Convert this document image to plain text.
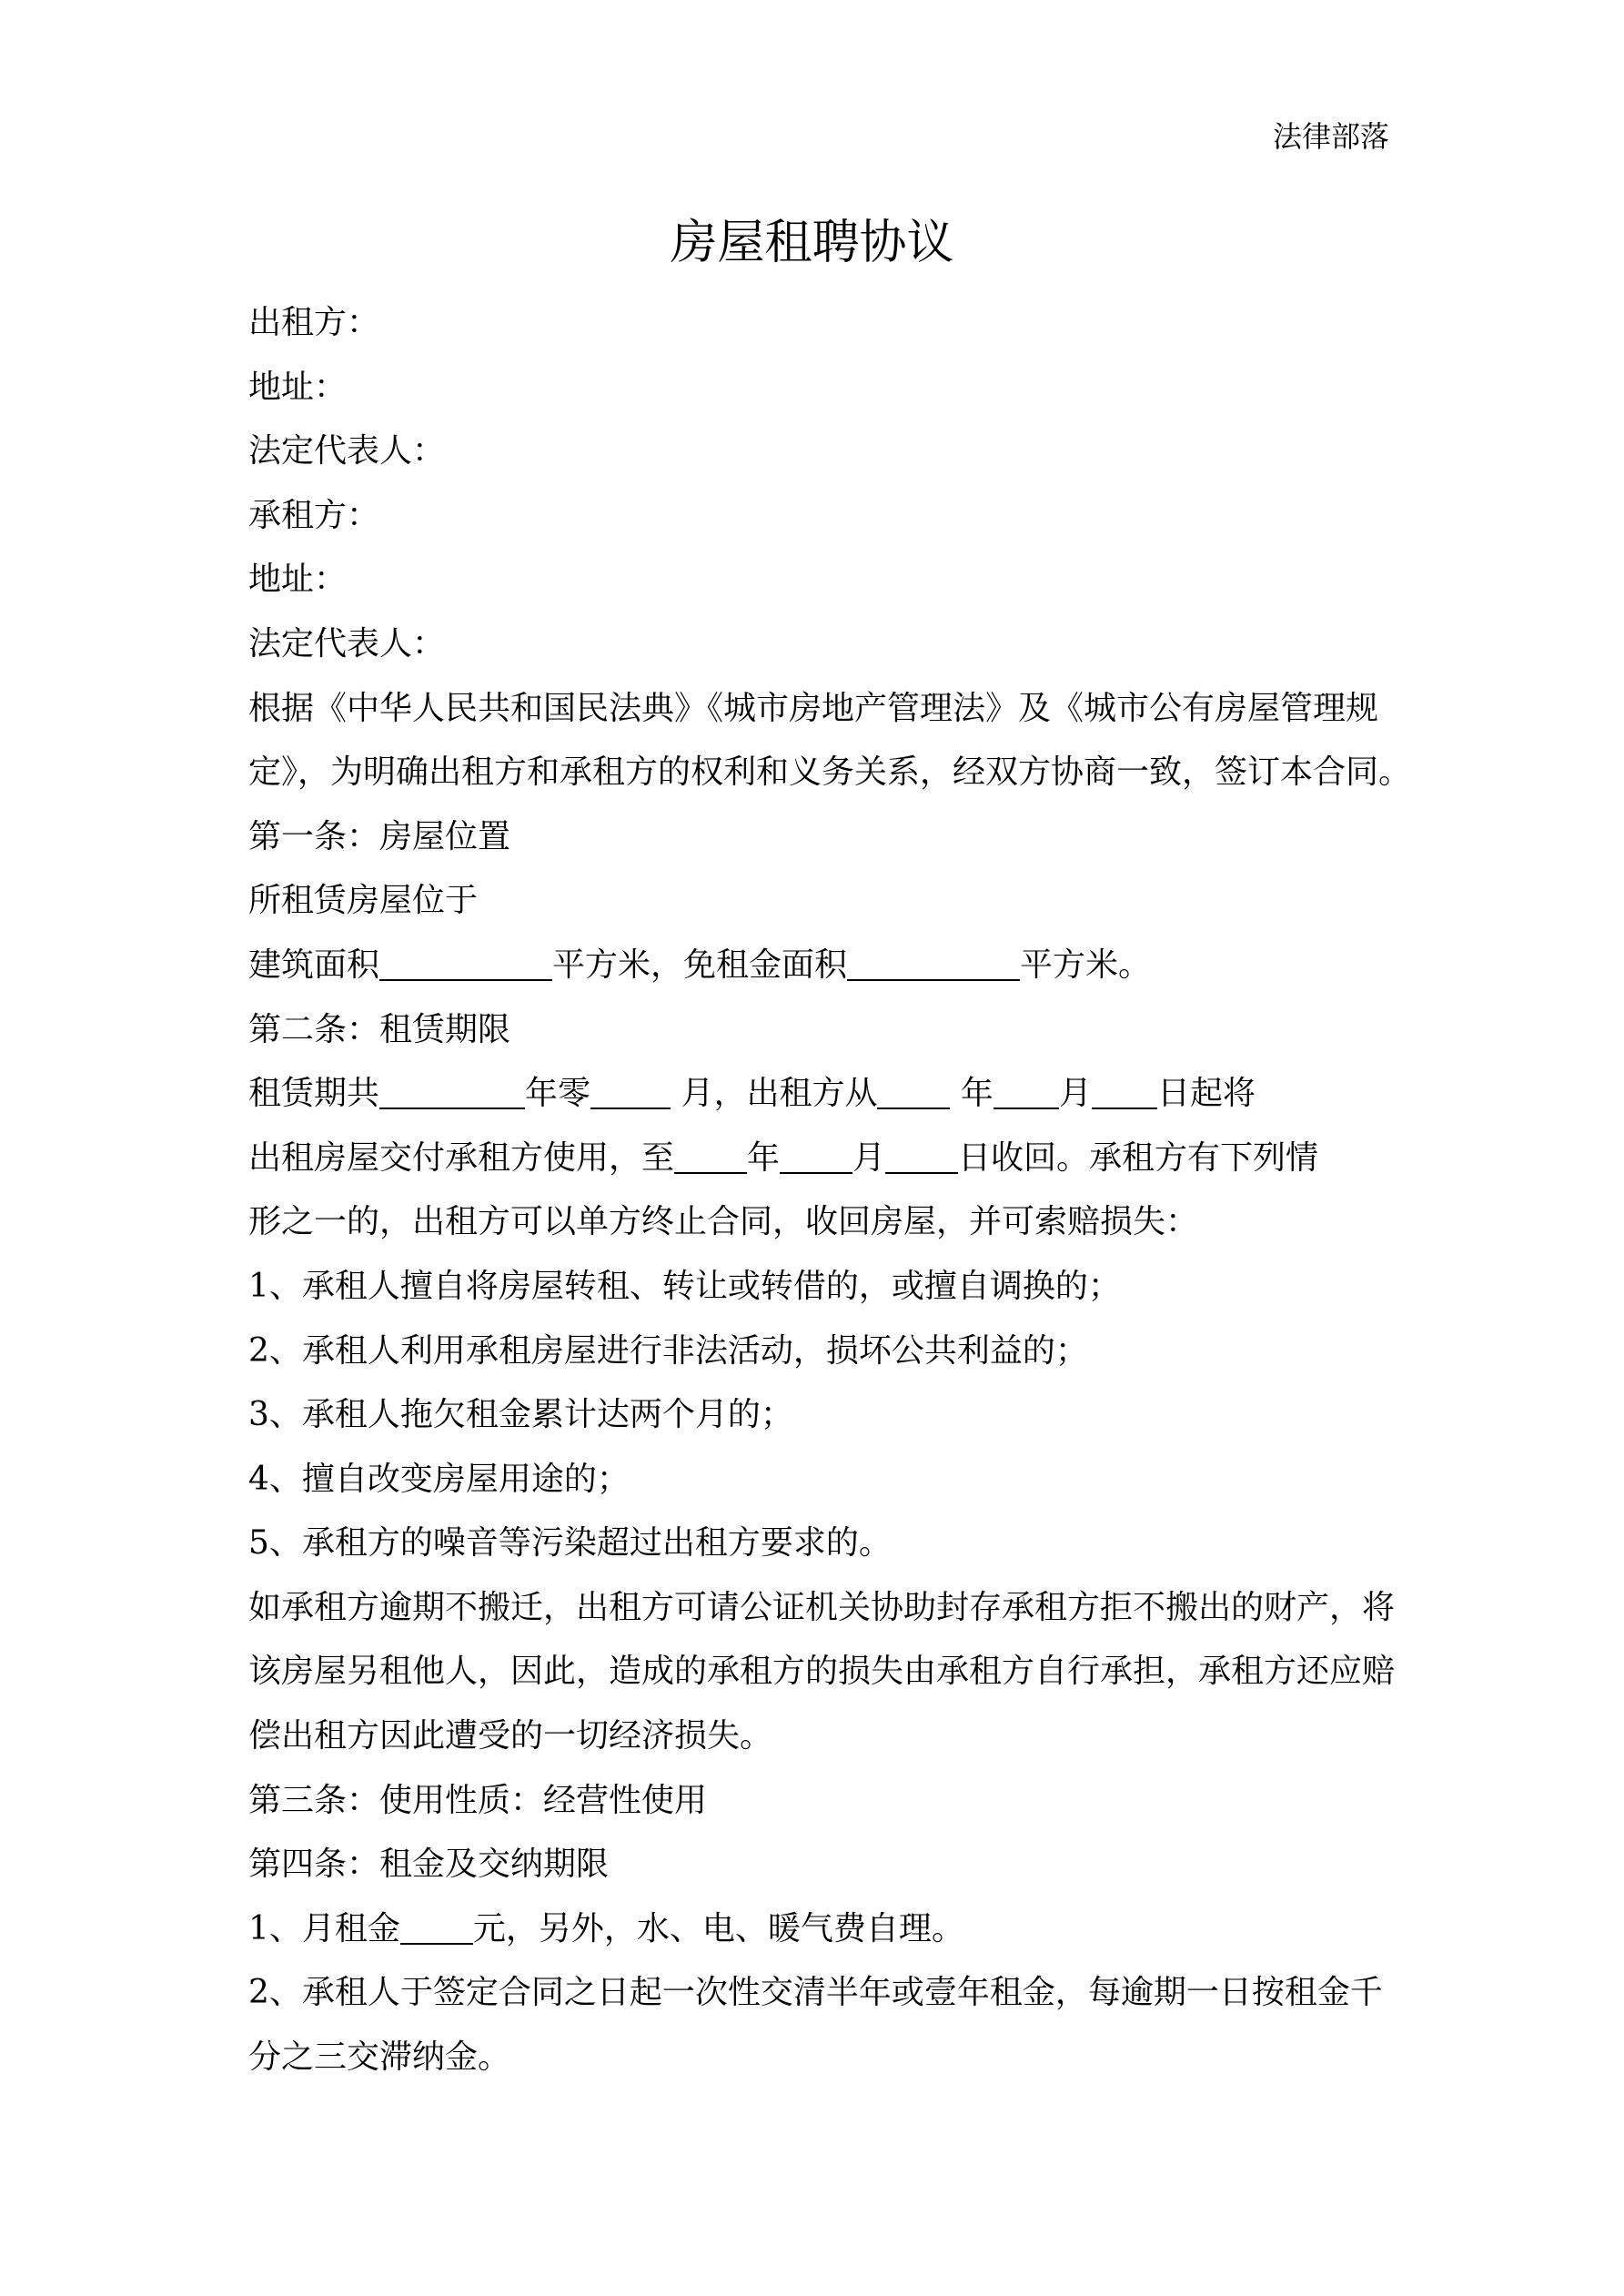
法律部落
房屋租聘协议
出租方：
地址：
法定代表人：
承租方：
地址：
法定代表人：
根据《中华人民共和国民法典》《城市房地产管理法》及《城市公有房屋管理规
定》，为明确出租方和承租方的权利和义务关系，经双方协商一致，签订本合同。
第一条：房屋位置
所租赁房屋位于
建筑面积	平方米，免租金面积	平方米。
第二条：租赁期限
租赁期共	年零 月，出租方从 年 月 日起将
出租房屋交付承租方使用，至 年 月 日收回。承租方有下列情
形之一的，出租方可以单方终止合同，收回房屋，并可索赔损失：
1、承租人擅自将房屋转租、转让或转借的，或擅自调换的；
2、承租人利用承租房屋进行非法活动，损坏公共利益的；
3、承租人拖欠租金累计达两个月的；
4、擅自改变房屋用途的；
5、承租方的噪音等污染超过出租方要求的。
如承租方逾期不搬迁，出租方可请公证机关协助封存承租方拒不搬出的财产，将
该房屋另租他人，因此，造成的承租方的损失由承租方自行承担，承租方还应赔
偿出租方因此遭受的一切经济损失。
第三条：使用性质：经营性使用
第四条：租金及交纳期限
1、月租金 元，另外，水、电、暖气费自理。
2、承租人于签定合同之日起一次性交清半年或壹年租金，每逾期一日按租金千
分之三交滞纳金。
